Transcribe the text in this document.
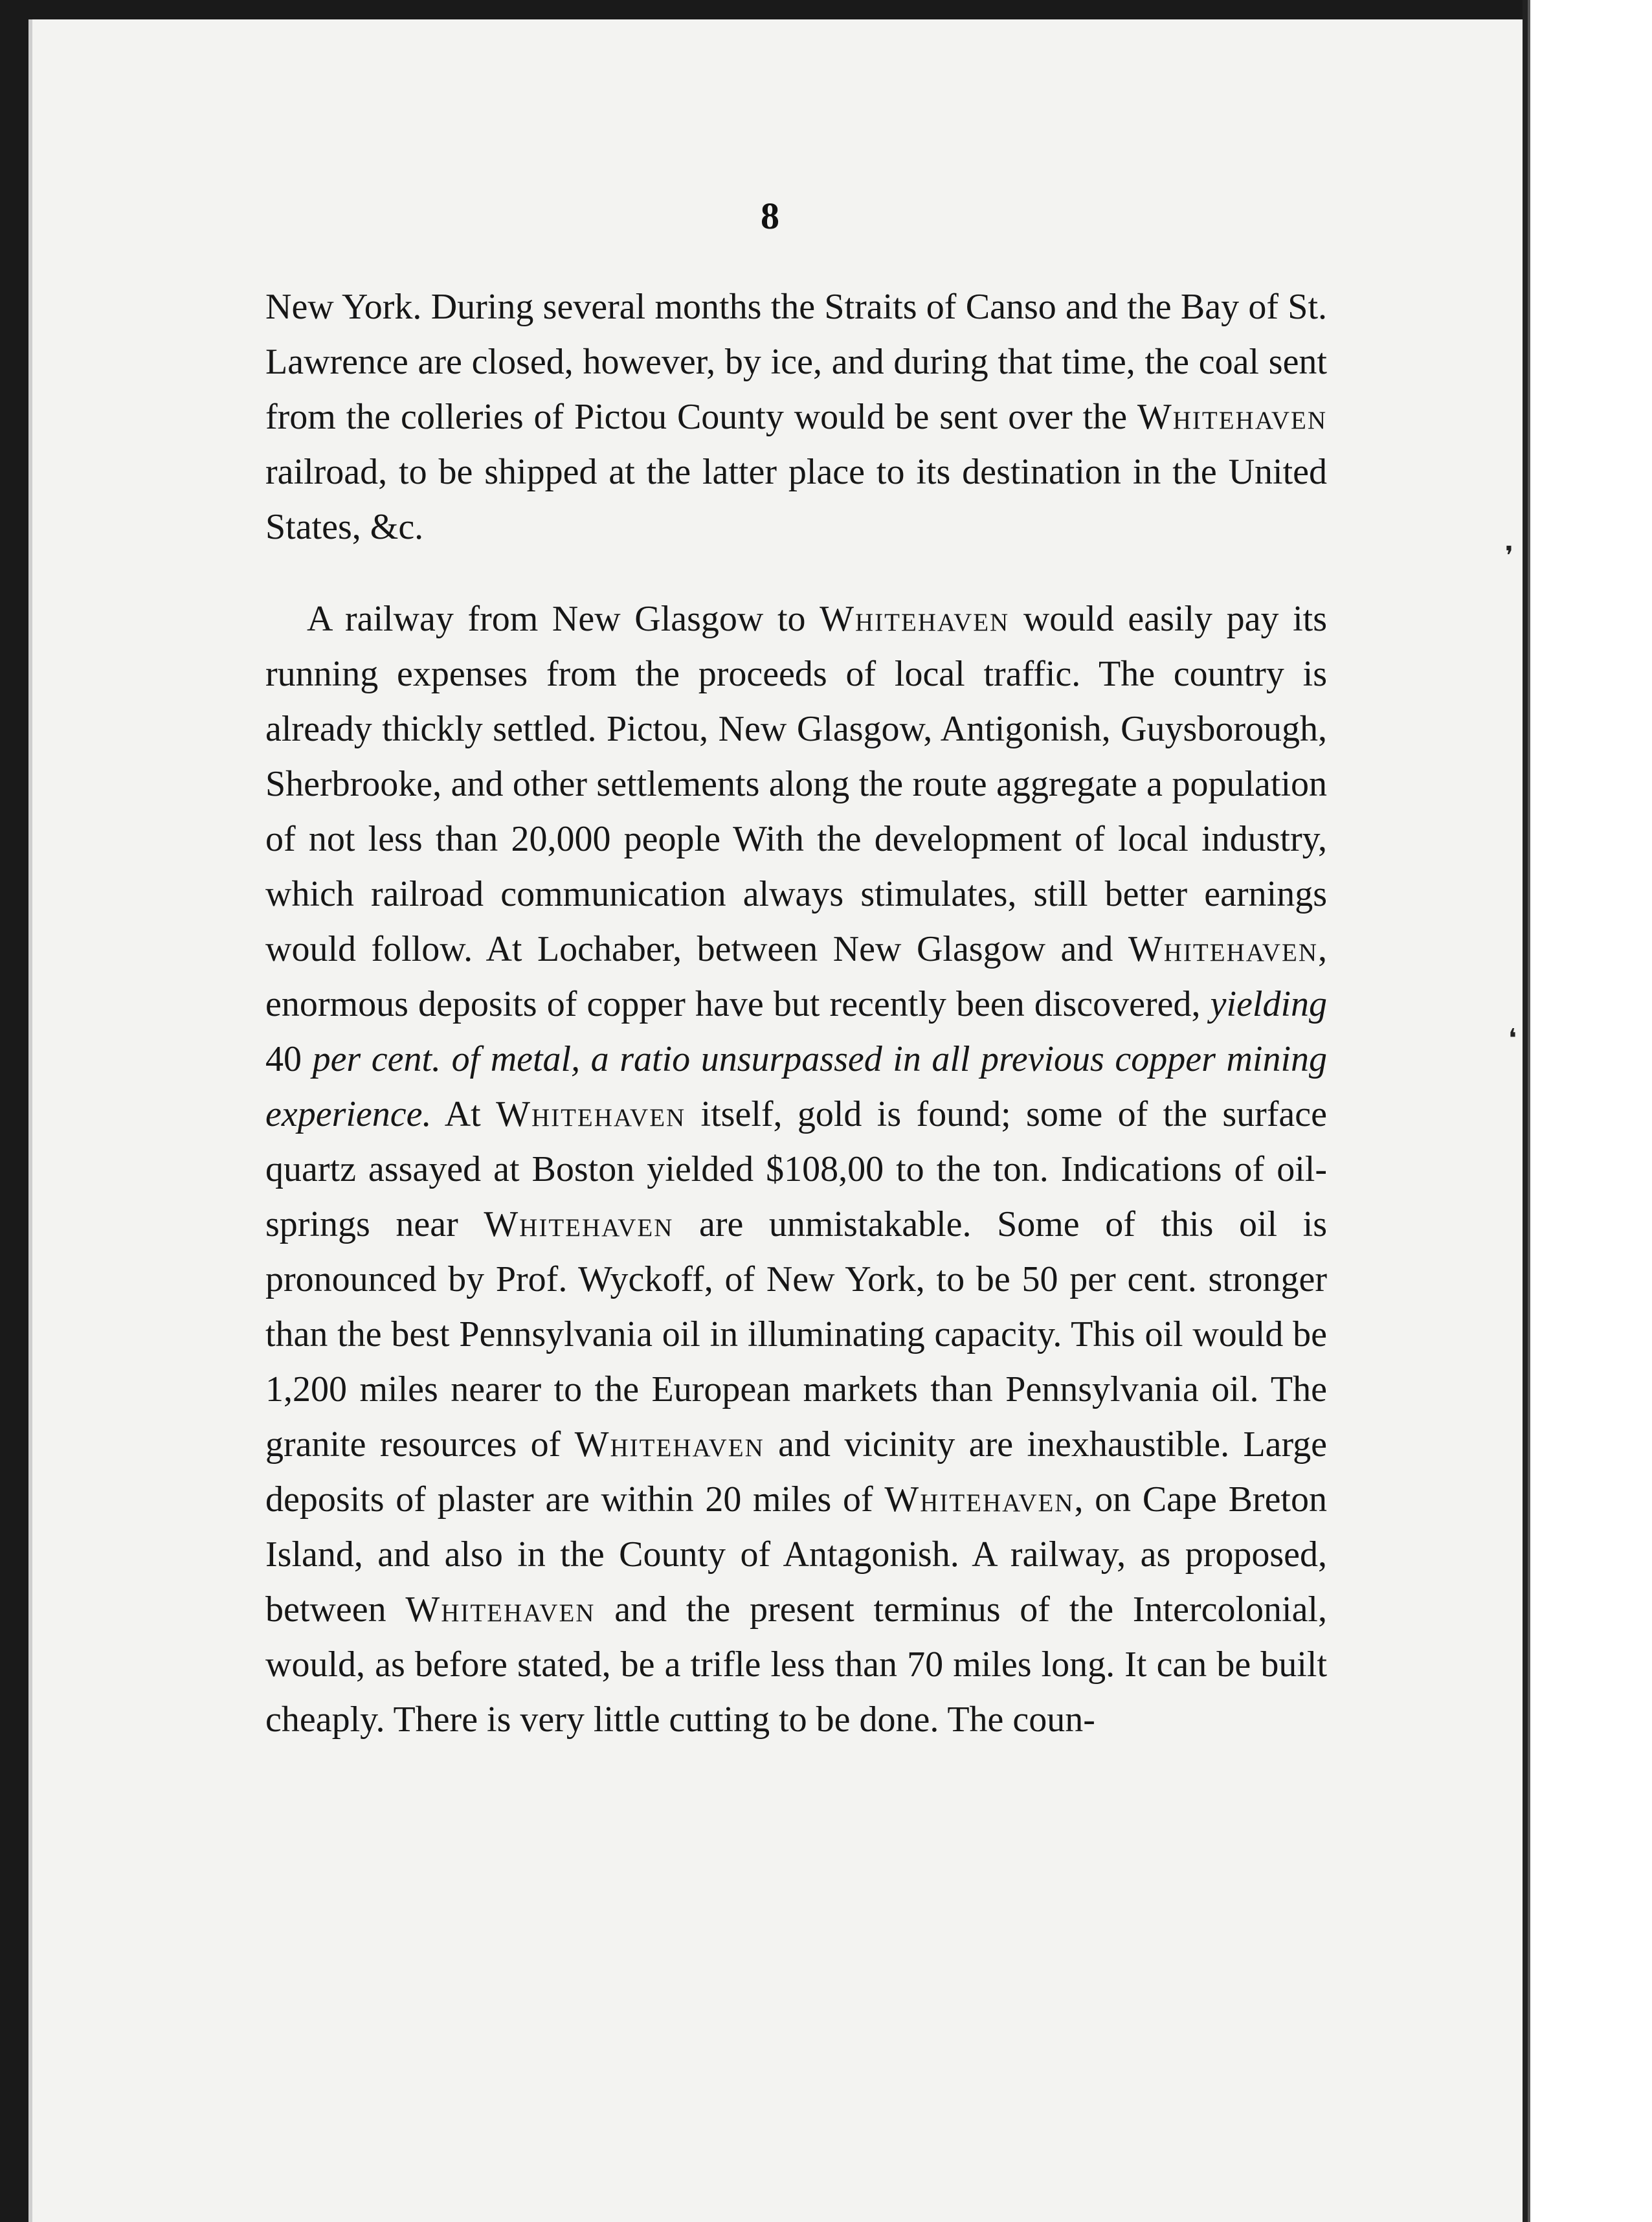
❜
❛
8

New York. During several months the Straits of Canso and the Bay of St. Lawrence are closed, however, by ice, and during that time, the coal sent from the colleries of Pictou County would be sent over the Whitehaven railroad, to be shipped at the latter place to its destination in the United States, &c.

A railway from New Glasgow to Whitehaven would easily pay its running expenses from the proceeds of local traffic. The country is already thickly settled. Pictou, New Glasgow, Antigonish, Guysborough, Sherbrooke, and other settlements along the route aggregate a population of not less than 20,000 people With the development of local industry, which railroad communication always stimulates, still better earnings would follow. At Lochaber, between New Glasgow and Whitehaven, enormous deposits of copper have but recently been discovered, yielding 40 per cent. of metal, a ratio unsurpassed in all previous copper mining experience. At Whitehaven itself, gold is found; some of the surface quartz assayed at Boston yielded $108,00 to the ton. Indications of oil-springs near Whitehaven are unmistakable. Some of this oil is pronounced by Prof. Wyckoff, of New York, to be 50 per cent. stronger than the best Pennsylvania oil in illuminating capacity. This oil would be 1,200 miles nearer to the European markets than Pennsylvania oil. The granite resources of Whitehaven and vicinity are inexhaustible. Large deposits of plaster are within 20 miles of Whitehaven, on Cape Breton Island, and also in the County of Antagonish. A railway, as proposed, between Whitehaven and the present terminus of the Intercolonial, would, as before stated, be a trifle less than 70 miles long. It can be built cheaply. There is very little cutting to be done. The coun-
